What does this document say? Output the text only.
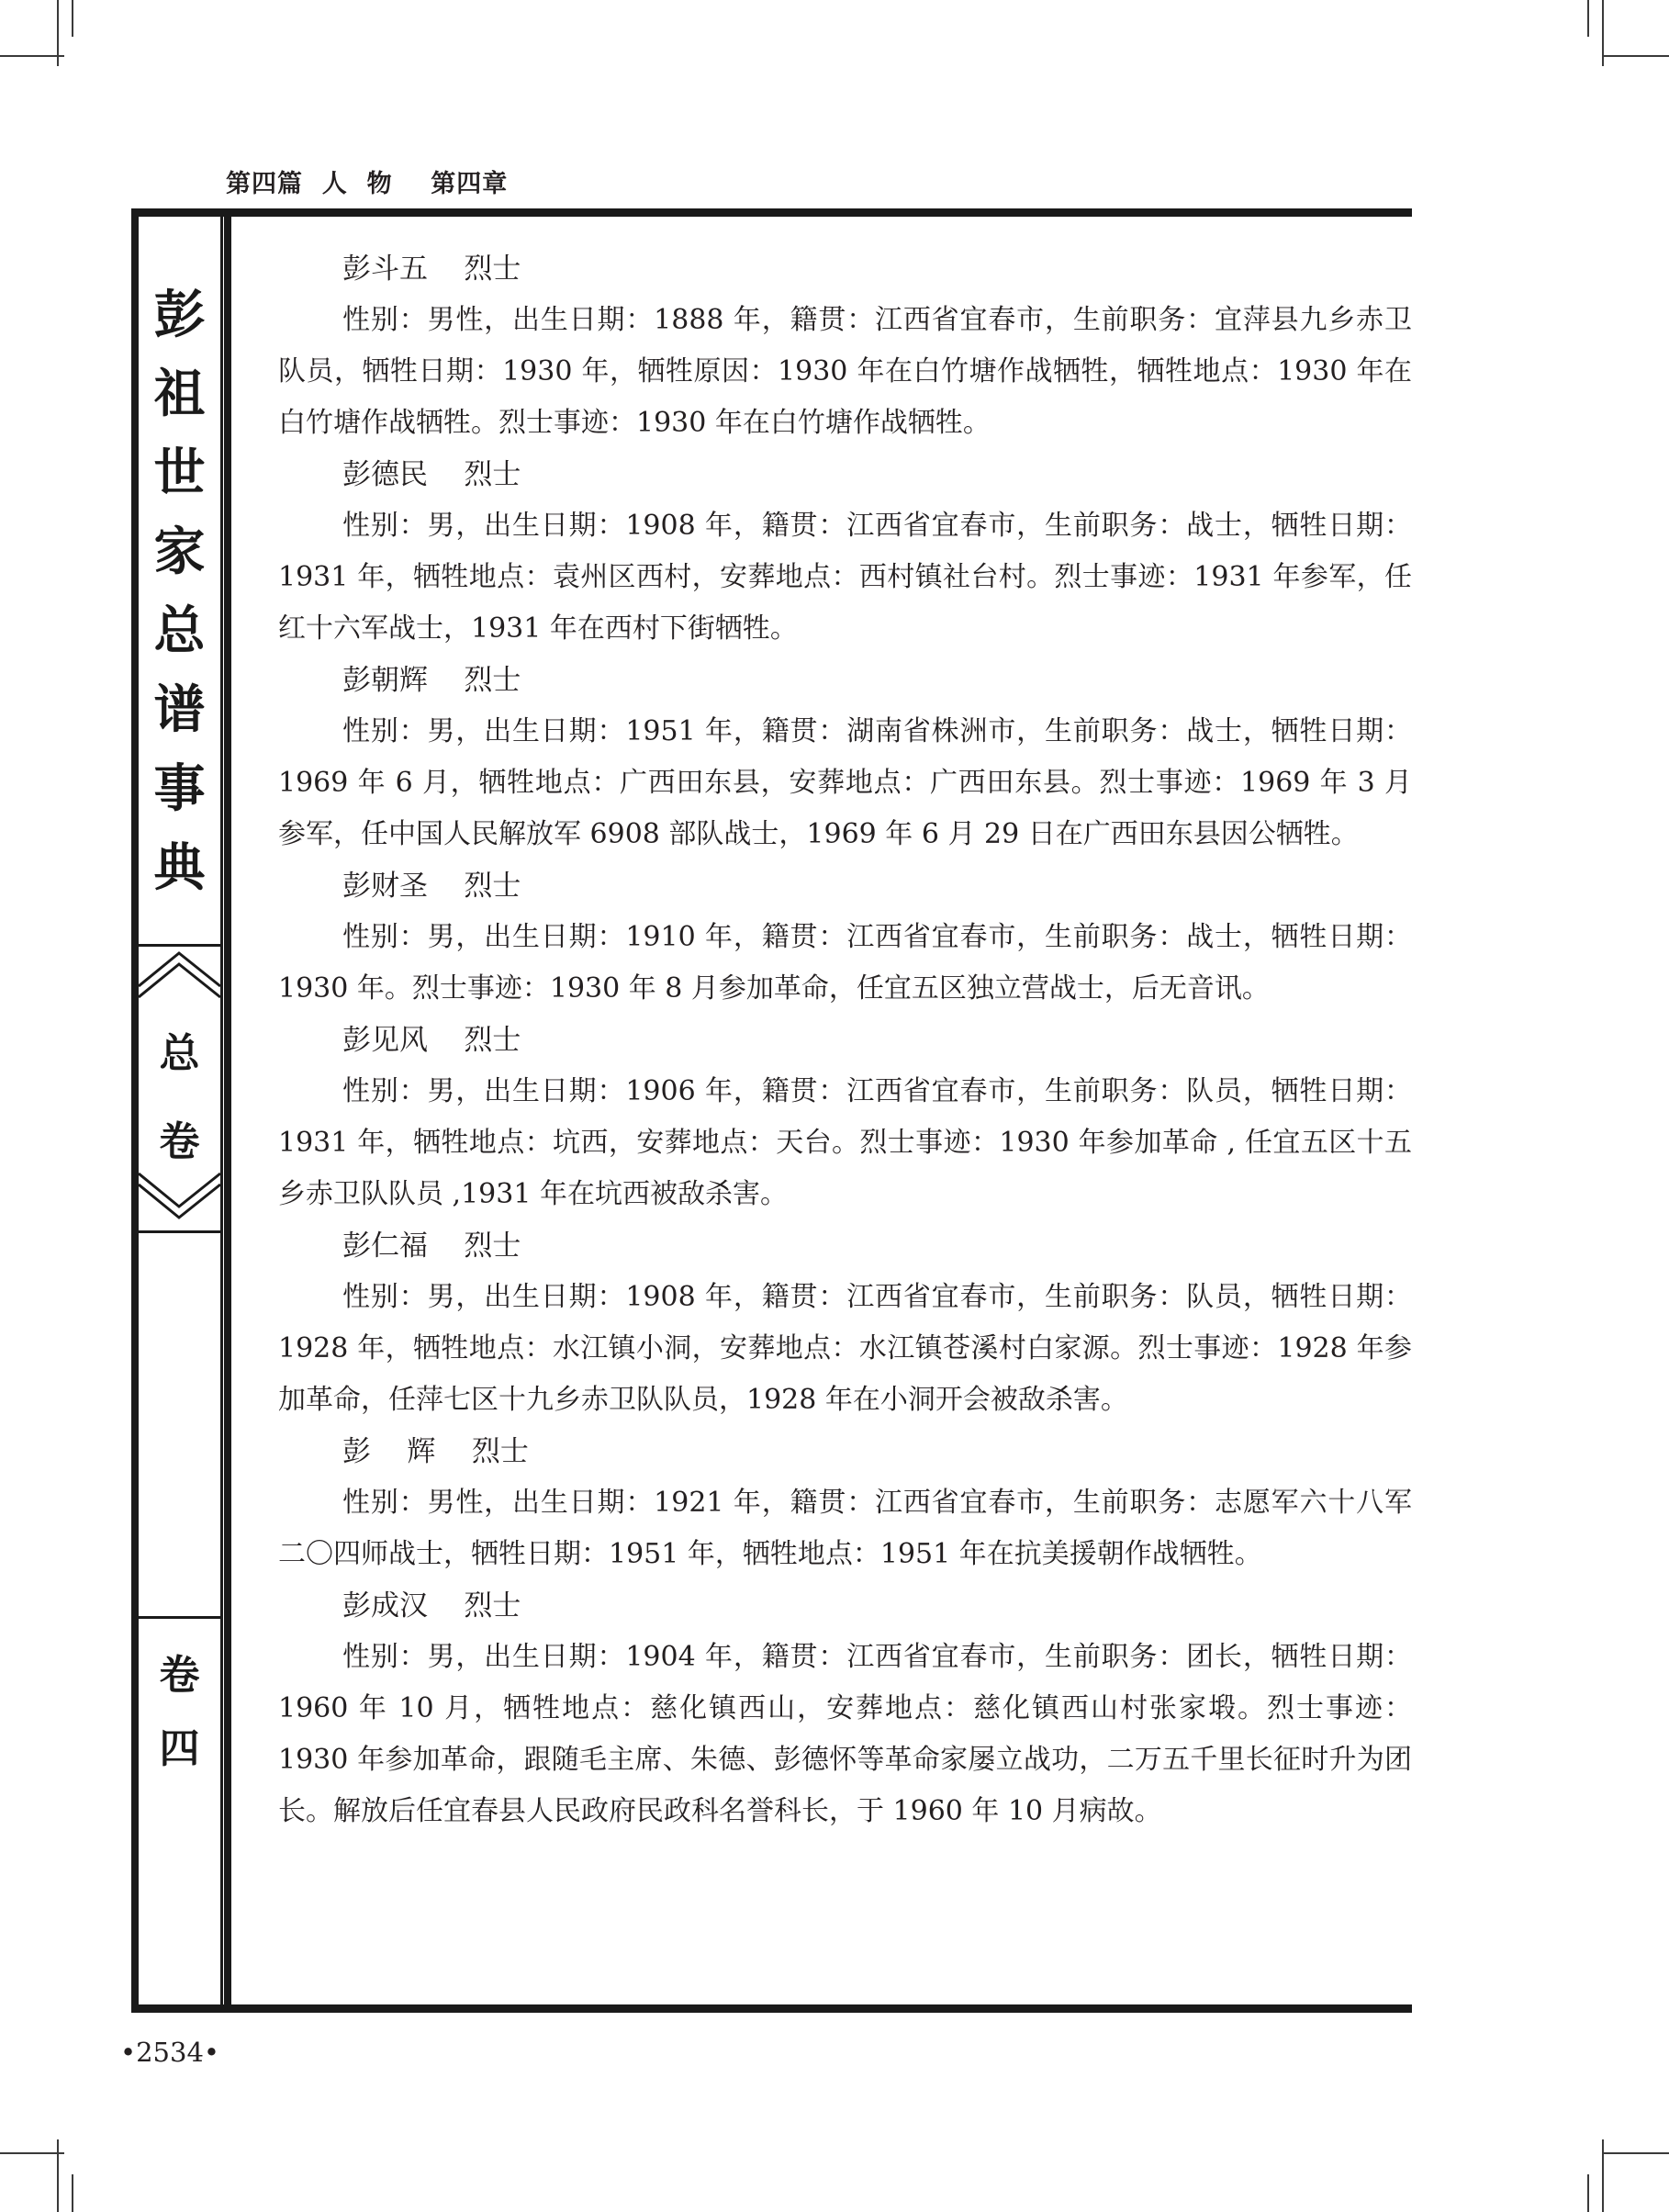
第四篇  人  物    第四章
彭
祖
世
家
总
谱
事
典
总
卷
卷
四
彭斗五    烈士
性别：男性，出生日期：1888 年，籍贯：江西省宜春市，生前职务：宜萍县九乡赤卫队员，牺牲日期：1930 年，牺牲原因：1930 年在白竹塘作战牺牲，牺牲地点：1930 年在白竹塘作战牺牲。烈士事迹：1930 年在白竹塘作战牺牲。
彭德民    烈士
性别：男，出生日期：1908 年，籍贯：江西省宜春市，生前职务：战士，牺牲日期：1931 年，牺牲地点：袁州区西村，安葬地点：西村镇社台村。烈士事迹：1931 年参军，任红十六军战士，1931 年在西村下街牺牲。
彭朝辉    烈士
性别：男，出生日期：1951 年，籍贯：湖南省株洲市，生前职务：战士，牺牲日期：1969 年 6 月，牺牲地点：广西田东县，安葬地点：广西田东县。烈士事迹：1969 年 3 月参军，任中国人民解放军 6908 部队战士，1969 年 6 月 29 日在广西田东县因公牺牲。
彭财圣    烈士
性别：男，出生日期：1910 年，籍贯：江西省宜春市，生前职务：战士，牺牲日期：1930 年。烈士事迹：1930 年 8 月参加革命，任宜五区独立营战士，后无音讯。
彭见风    烈士
性别：男，出生日期：1906 年，籍贯：江西省宜春市，生前职务：队员，牺牲日期：1931 年，牺牲地点：坑西，安葬地点：天台。烈士事迹：1930 年参加革命 , 任宜五区十五乡赤卫队队员 ,1931 年在坑西被敌杀害。
彭仁福    烈士
性别：男，出生日期：1908 年，籍贯：江西省宜春市，生前职务：队员，牺牲日期：1928 年，牺牲地点：水江镇小洞，安葬地点：水江镇苍溪村白家源。烈士事迹：1928 年参加革命，任萍七区十九乡赤卫队队员，1928 年在小洞开会被敌杀害。
彭    辉    烈士
性别：男性，出生日期：1921 年，籍贯：江西省宜春市，生前职务：志愿军六十八军二〇四师战士，牺牲日期：1951 年，牺牲地点：1951 年在抗美援朝作战牺牲。
彭成汉    烈士
性别：男，出生日期：1904 年，籍贯：江西省宜春市，生前职务：团长，牺牲日期：1960 年 10 月，牺牲地点：慈化镇西山，安葬地点：慈化镇西山村张家塅。烈士事迹：1930 年参加革命，跟随毛主席、朱德、彭德怀等革命家屡立战功，二万五千里长征时升为团长。解放后任宜春县人民政府民政科名誉科长，于 1960 年 10 月病故。
•2534•
